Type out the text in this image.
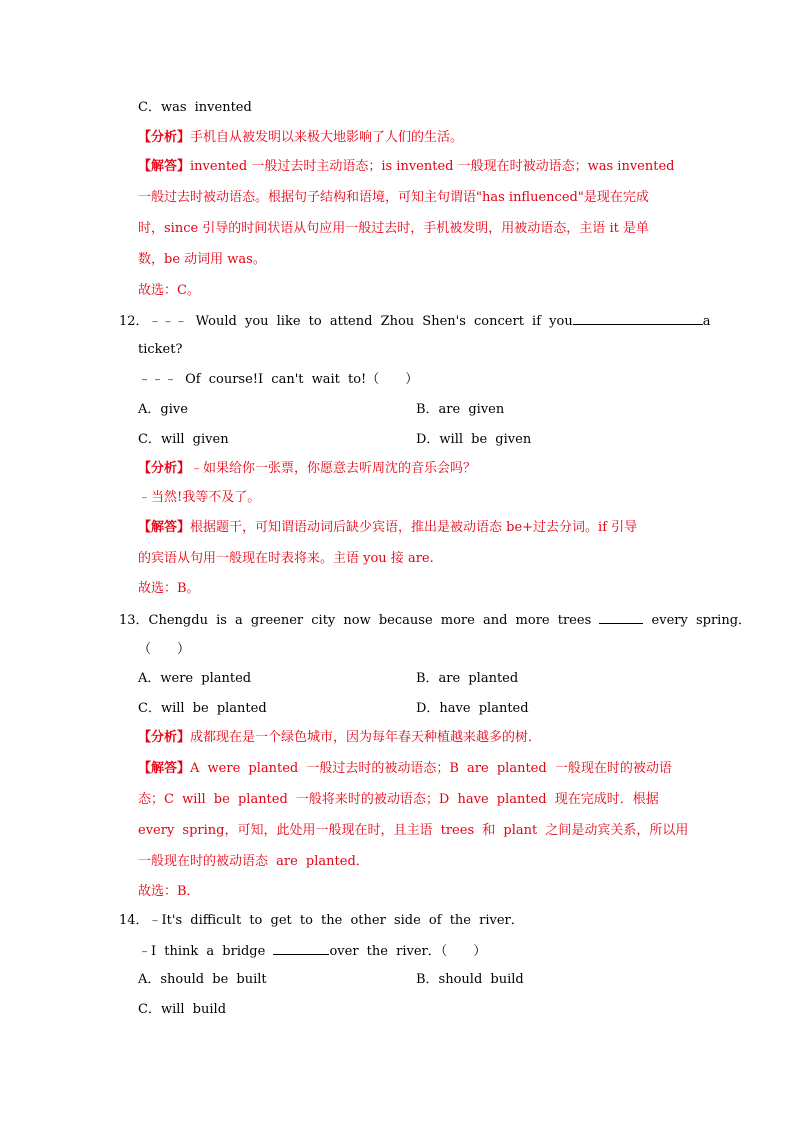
C．was invented
【分析】手机自从被发明以来极大地影响了人们的生活。
【解答】invented 一般过去时主动语态；is invented 一般现在时被动语态；was invented
一般过去时被动语态。根据句子结构和语境，可知主句谓语"has influenced"是现在完成
时，since 引导的时间状语从句应用一般过去时，手机被发明，用被动语态，主语 it 是单
数，be 动词用 was。
故选：C。
12．﹣﹣﹣ Would you like to attend Zhou Shen's concert if you	a
ticket?
﹣﹣﹣ Of course!I can't wait to!（　　）
A．give	B．are given
C．will given	D．will be given
【分析】﹣如果给你一张票，你愿意去听周沈的音乐会吗？
﹣当然!我等不及了。
【解答】根据题干，可知谓语动词后缺少宾语，推出是被动语态 be+过去分词。if 引导
的宾语从句用一般现在时表将来。主语 you 接 are.
故选：B。
13．Chengdu is a greener city now because more and more trees	every spring．
（　　）
A．were planted	B．are planted
C．will be planted	D．have planted
【分析】成都现在是一个绿色城市，因为每年春天种植越来越多的树．
【解答】A were planted 一般过去时的被动语态；B are planted 一般现在时的被动语
态；C will be planted 一般将来时的被动语态；D have planted 现在完成时．根据
every spring，可知，此处用一般现在时，且主语 trees 和 plant 之间是动宾关系，所以用
一般现在时的被动语态 are planted．
故选：B．
14．﹣It's difficult to get to the other side of the river．
﹣I think a bridge	over the river．（　　）
A．should be built	B．should build
C．will build
